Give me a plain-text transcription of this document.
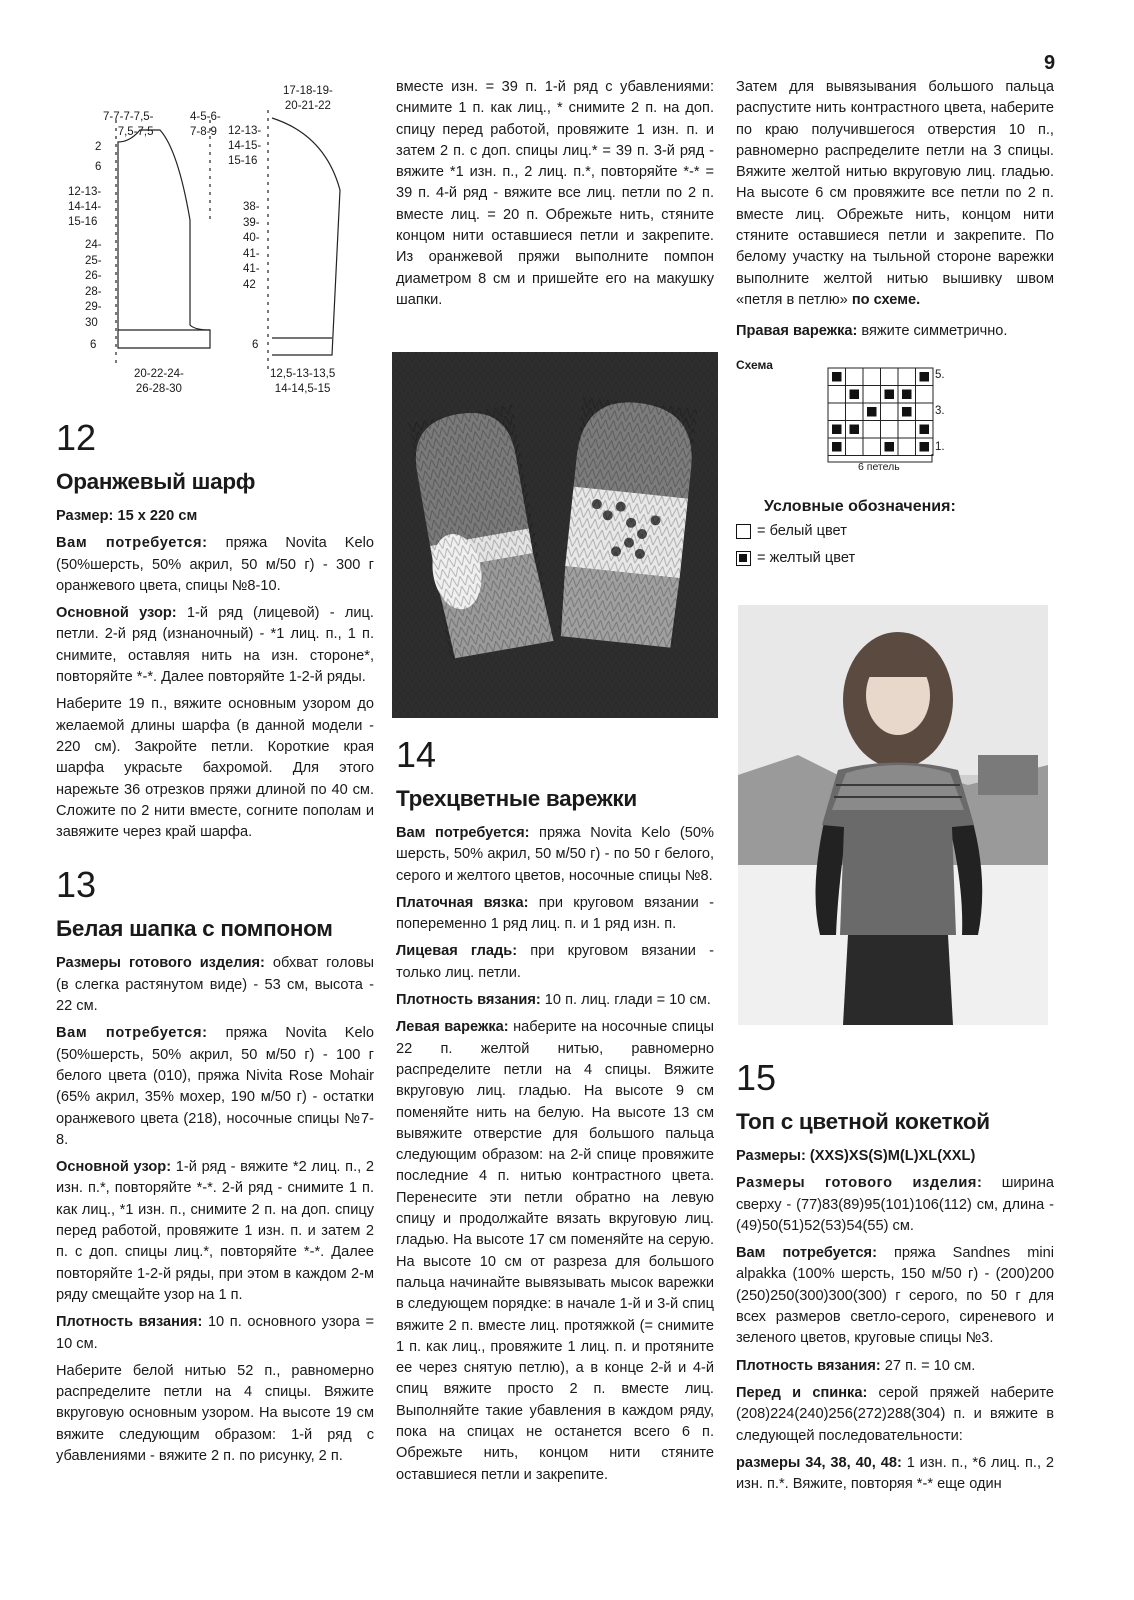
9
7-7-7-7,5-
7,5-7,5
4-5-6-
7-8-9
2
6
12-13-
14-14-
15-16
24-
25-
26-
28-
29-
30
6
20-22-24-
26-28-30
12-13-
14-15-
15-16
17-18-19-
20-21-22
38-
39-
40-
41-
41-
42
6
12,5-13-13,5
14-14,5-15
12
Оранжевый шарф

Размер: 15 х 220 см

Вам потребуется: пряжа Novita Kelo (50%шерсть, 50% акрил, 50 м/50 г) - 300 г оранжевого цвета, спицы №8-10.

Основной узор: 1-й ряд (лицевой) - лиц. петли. 2-й ряд (изнаночный) - *1 лиц. п., 1 п. снимите, оставляя нить на изн. стороне*, повторяйте *-*. Далее повторяйте 1-2-й ряды.

Наберите 19 п., вяжите основным узором до желаемой длины шарфа (в данной модели - 220 см). Закройте петли. Короткие края шарфа украсьте бахромой. Для этого нарежьте 36 отрезков пряжи длиной по 40 см. Сложите по 2 нити вместе, согните пополам и завяжите через край шарфа.

13
Белая шапка с помпоном

Размеры готового изделия: обхват головы (в слегка растянутом виде) - 53 см, высота - 22 см.

Вам потребуется: пряжа Novita Kelo (50%шерсть, 50% акрил, 50 м/50 г) - 100 г белого цвета (010), пряжа Nivita Rose Mohair (65% акрил, 35% мохер, 190 м/50 г) - остатки оранжевого цвета (218), носочные спицы №7-8.

Основной узор: 1-й ряд - вяжите *2 лиц. п., 2 изн. п.*, повторяйте *-*. 2-й ряд - снимите 1 п. как лиц., *1 изн. п., снимите 2 п. на доп. спицу перед работой, провяжите 1 изн. п. и затем 2 п. с доп. спицы лиц.*, повторяйте *-*. Далее повторяйте 1-2-й ряды, при этом в каждом 2-м ряду смещайте узор на 1 п.

Плотность вязания: 10 п. основного узора = 10 см.

Наберите белой нитью 52 п., равномерно распределите петли на 4 спицы. Вяжите вкруговую основным узором. На высоте 19 см вяжите следующим образом: 1-й ряд с убавлениями - вяжите 2 п. по рисунку, 2 п.

вместе изн. = 39 п. 1-й ряд с убавлениями: снимите 1 п. как лиц., * снимите 2 п. на доп. спицу перед работой, провяжите 1 изн. п. и затем 2 п. с доп. спицы лиц.* = 39 п. 3-й ряд - вяжите *1 изн. п., 2 лиц. п.*, повторяйте *-* = 39 п. 4-й ряд - вяжите все лиц. петли по 2 п. вместе лиц. = 20 п. Обрежьте нить, стяните концом нити оставшиеся петли и закрепите. Из оранжевой пряжи выполните помпон диаметром 8 см и пришейте его на макушку шапки.

14
Трехцветные варежки

Вам потребуется: пряжа Novita Kelo (50% шерсть, 50% акрил, 50 м/50 г) - по 50 г белого, серого и желтого цветов, носочные спицы №8.

Платочная вязка: при круговом вязании - попеременно 1 ряд лиц. п. и 1 ряд изн. п.

Лицевая гладь: при круговом вязании - только лиц. петли.

Плотность вязания: 10 п. лиц. глади = 10 см.

Левая варежка: наберите на носочные спицы 22 п. желтой нитью, равномерно распределите петли на 4 спицы. Вяжите вкруговую лиц. гладью. На высоте 9 см поменяйте нить на белую. На высоте 13 см вывяжите отверстие для большого пальца следующим образом: на 2-й спице провяжите последние 4 п. нитью контрастного цвета. Перенесите эти петли обратно на левую спицу и продолжайте вязать вкруговую лиц. гладью. На высоте 17 см поменяйте на серую. На высоте 10 см от разреза для большого пальца начинайте вывязывать мысок варежки в следующем порядке: в начале 1-й и 3-й спиц вяжите 2 п. вместе лиц. протяжкой (= снимите 1 п. как лиц., провяжите 1 лиц. п. и протяните ее через снятую петлю), а в конце 2-й и 4-й спиц вяжите просто 2 п. вместе лиц. Выполняйте такие убавления в каждом ряду, пока на спицах не останется всего 6 п. Обрежьте нить, концом нити стяните оставшиеся петли и закрепите.

Затем для вывязывания большого пальца распустите нить контрастного цвета, наберите по краю получившегося отверстия 10 п., равномерно распределите петли на 3 спицы. Вяжите желтой нитью вкруговую лиц. гладью. На высоте 6 см провяжите все петли по 2 п. вместе лиц. Обрежьте нить, концом нити стяните оставшиеся петли и закрепите. По белому участку на тыльной стороне варежки выполните желтой нитью вышивку швом «петля в петлю» по схеме.

Правая варежка: вяжите симметрично.

Схема
5.
3.
1.
6 петель
Условные обозначения:
= белый цвет
= желтый цвет
15
Топ с цветной кокеткой

Размеры: (XXS)XS(S)M(L)XL(XXL)

Размеры готового изделия: ширина сверху - (77)83(89)95(101)106(112) см, длина - (49)50(51)52(53)54(55) см.

Вам потребуется: пряжа Sandnes mini alpakka (100% шерсть, 150 м/50 г) - (200)200 (250)250(300)300(300) г серого, по 50 г для всех размеров светло-серого, сиреневого и зеленого цветов, круговые спицы №3.

Плотность вязания: 27 п. = 10 см.

Перед и спинка: серой пряжей наберите (208)224(240)256(272)288(304) п. и вяжите в следующей последовательности:

размеры 34, 38, 40, 48: 1 изн. п., *6 лиц. п., 2 изн. п.*. Вяжите, повторяя *-* еще один
